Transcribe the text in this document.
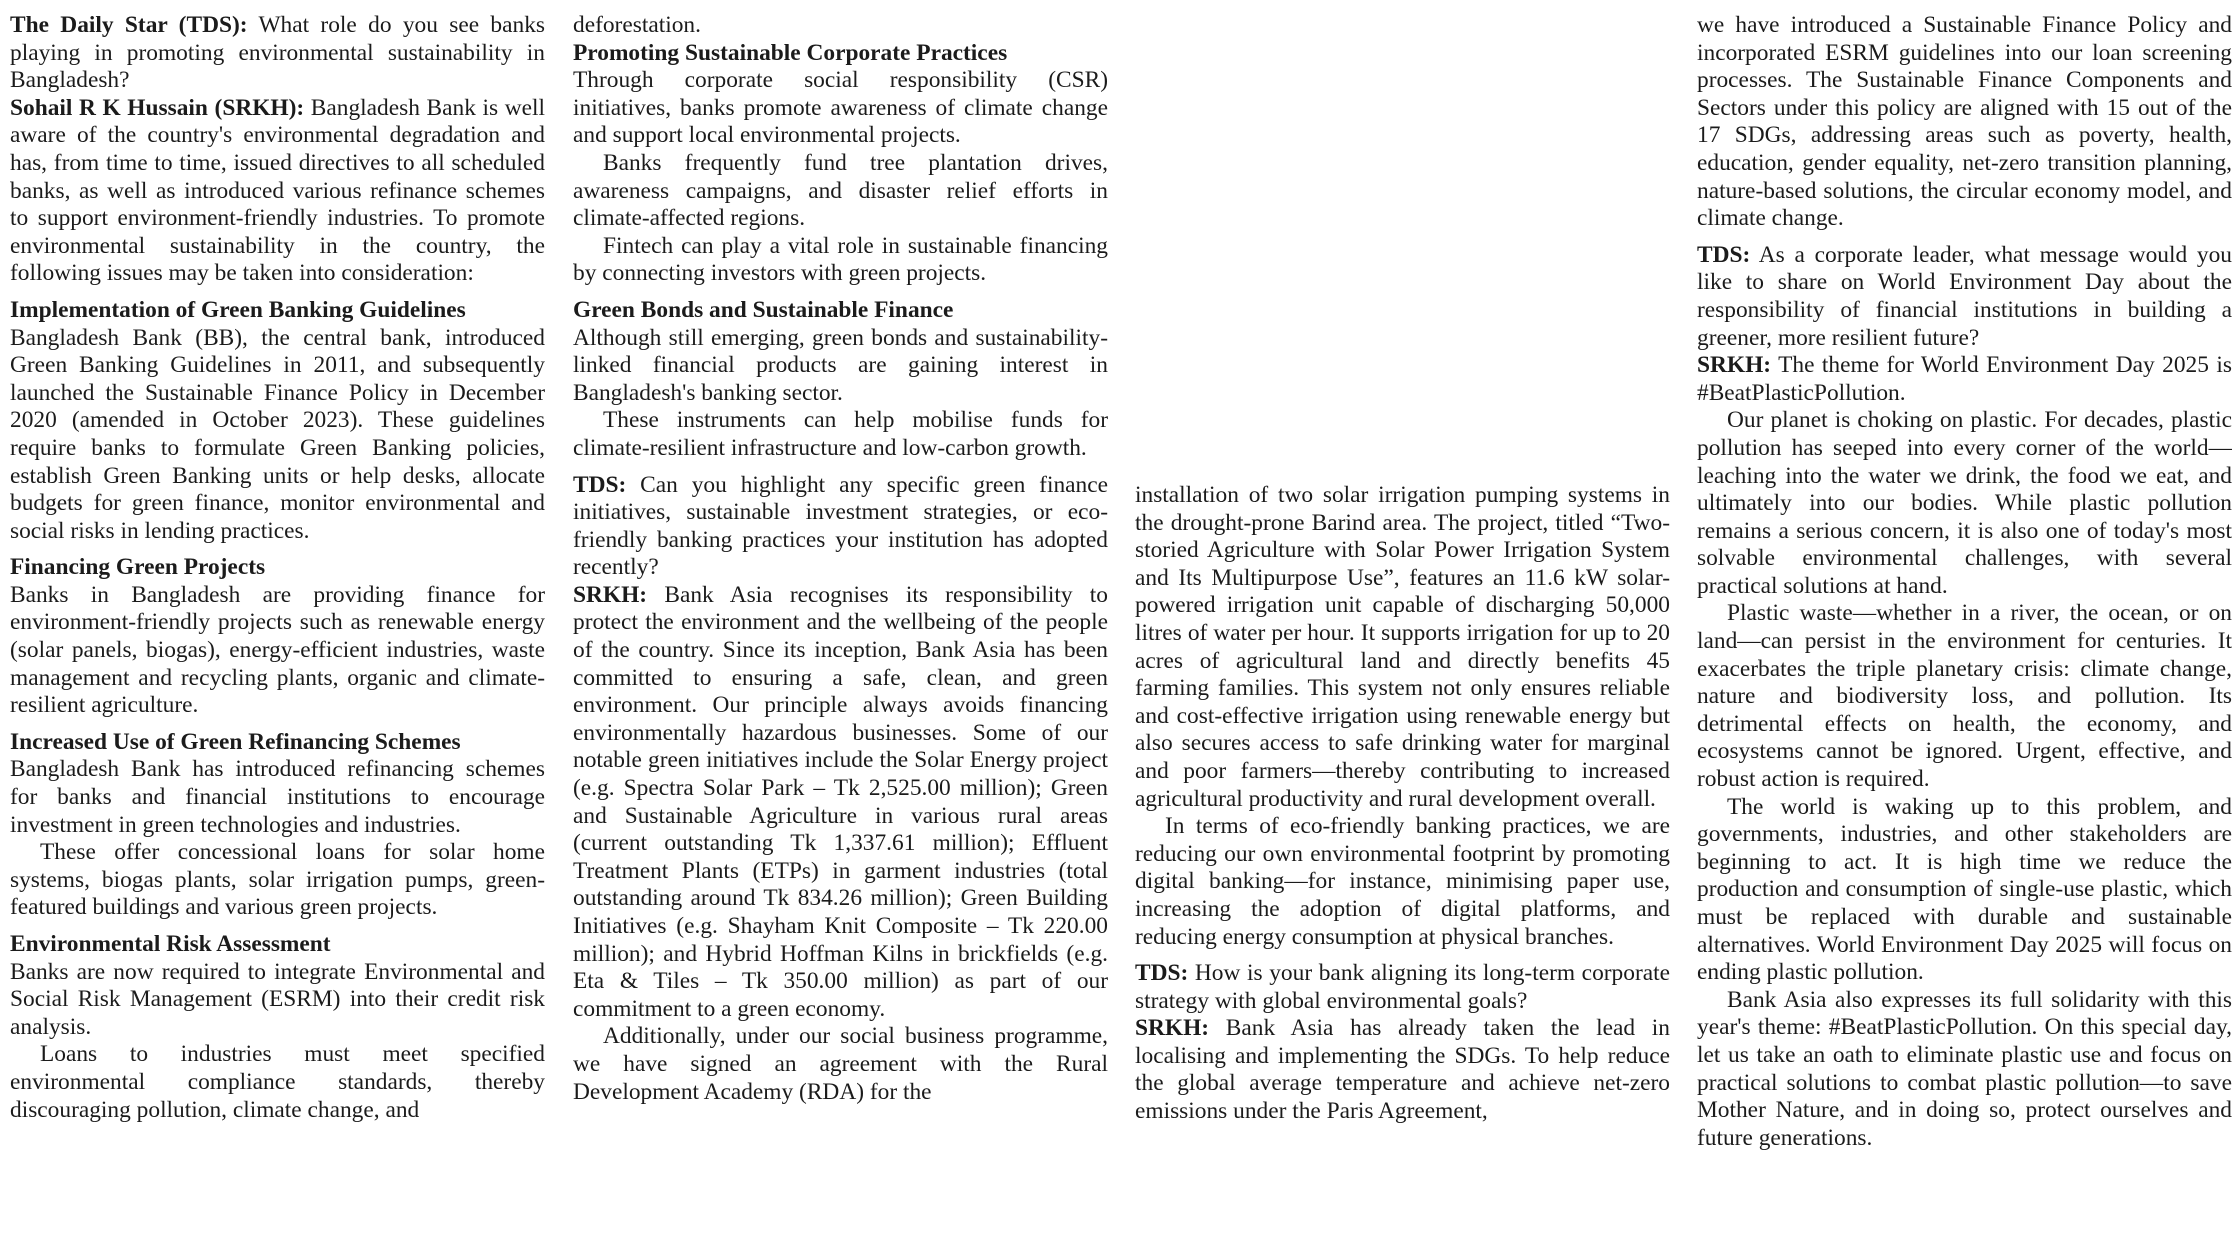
The Daily Star (TDS): What role do you see banks playing in promoting environmental sustainability in Bangladesh?

Sohail R K Hussain (SRKH): Bangladesh Bank is well aware of the country's environmental degradation and has, from time to time, issued directives to all scheduled banks, as well as introduced various refinance schemes to support environment-friendly industries. To promote environmental sustainability in the country, the following issues may be taken into consideration:

Implementation of Green Banking Guidelines

Bangladesh Bank (BB), the central bank, introduced Green Banking Guidelines in 2011, and subsequently launched the Sustainable Finance Policy in December 2020 (amended in October 2023). These guidelines require banks to formulate Green Banking policies, establish Green Banking units or help desks, allocate budgets for green finance, monitor environmental and social risks in lending practices.

Financing Green Projects

Banks in Bangladesh are providing finance for environment-friendly projects such as renewable energy (solar panels, biogas), energy-efficient industries, waste management and recycling plants, organic and climate-resilient agriculture.

Increased Use of Green Refinancing Schemes

Bangladesh Bank has introduced refinancing schemes for banks and financial institutions to encourage investment in green technologies and industries.

These offer concessional loans for solar home systems, biogas plants, solar irrigation pumps, green-featured buildings and various green projects.

Environmental Risk Assessment

Banks are now required to integrate Environmental and Social Risk Management (ESRM) into their credit risk analysis.

Loans to industries must meet specified environmental compliance standards, thereby discouraging pollution, climate change, and

deforestation.

Promoting Sustainable Corporate Practices

Through corporate social responsibility (CSR) initiatives, banks promote awareness of climate change and support local environmental projects.

Banks frequently fund tree plantation drives, awareness campaigns, and disaster relief efforts in climate-affected regions.

Fintech can play a vital role in sustainable financing by connecting investors with green projects.

Green Bonds and Sustainable Finance

Although still emerging, green bonds and sustainability-linked financial products are gaining interest in Bangladesh's banking sector.

These instruments can help mobilise funds for climate-resilient infrastructure and low-carbon growth.

TDS: Can you highlight any specific green finance initiatives, sustainable investment strategies, or eco-friendly banking practices your institution has adopted recently?

SRKH: Bank Asia recognises its responsibility to protect the environment and the wellbeing of the people of the country. Since its inception, Bank Asia has been committed to ensuring a safe, clean, and green environment. Our principle always avoids financing environmentally hazardous businesses. Some of our notable green initiatives include the Solar Energy project (e.g. Spectra Solar Park – Tk 2,525.00 million); Green and Sustainable Agriculture in various rural areas (current outstanding Tk 1,337.61 million); Effluent Treatment Plants (ETPs) in garment industries (total outstanding around Tk 834.26 million); Green Building Initiatives (e.g. Shayham Knit Composite – Tk 220.00 million); and Hybrid Hoffman Kilns in brickfields (e.g. Eta & Tiles – Tk 350.00 million) as part of our commitment to a green economy.

Additionally, under our social business programme, we have signed an agreement with the Rural Development Academy (RDA) for the

installation of two solar irrigation pumping systems in the drought-prone Barind area. The project, titled “Two-storied Agriculture with Solar Power Irrigation System and Its Multipurpose Use”, features an 11.6 kW solar-powered irrigation unit capable of discharging 50,000 litres of water per hour. It supports irrigation for up to 20 acres of agricultural land and directly benefits 45 farming families. This system not only ensures reliable and cost-effective irrigation using renewable energy but also secures access to safe drinking water for marginal and poor farmers—thereby contributing to increased agricultural productivity and rural development overall.

In terms of eco-friendly banking practices, we are reducing our own environmental footprint by promoting digital banking—for instance, minimising paper use, increasing the adoption of digital platforms, and reducing energy consumption at physical branches.

TDS: How is your bank aligning its long-term corporate strategy with global environmental goals?

SRKH: Bank Asia has already taken the lead in localising and implementing the SDGs. To help reduce the global average temperature and achieve net-zero emissions under the Paris Agreement,

we have introduced a Sustainable Finance Policy and incorporated ESRM guidelines into our loan screening processes. The Sustainable Finance Components and Sectors under this policy are aligned with 15 out of the 17 SDGs, addressing areas such as poverty, health, education, gender equality, net-zero transition planning, nature-based solutions, the circular economy model, and climate change.

TDS: As a corporate leader, what message would you like to share on World Environment Day about the responsibility of financial institutions in building a greener, more resilient future?

SRKH: The theme for World Environment Day 2025 is #BeatPlasticPollution.

Our planet is choking on plastic. For decades, plastic pollution has seeped into every corner of the world—leaching into the water we drink, the food we eat, and ultimately into our bodies. While plastic pollution remains a serious concern, it is also one of today's most solvable environmental challenges, with several practical solutions at hand.

Plastic waste—whether in a river, the ocean, or on land—can persist in the environment for centuries. It exacerbates the triple planetary crisis: climate change, nature and biodiversity loss, and pollution. Its detrimental effects on health, the economy, and ecosystems cannot be ignored. Urgent, effective, and robust action is required.

The world is waking up to this problem, and governments, industries, and other stakeholders are beginning to act. It is high time we reduce the production and consumption of single-use plastic, which must be replaced with durable and sustainable alternatives. World Environment Day 2025 will focus on ending plastic pollution.

Bank Asia also expresses its full solidarity with this year's theme: #BeatPlasticPollution. On this special day, let us take an oath to eliminate plastic use and focus on practical solutions to combat plastic pollution—to save Mother Nature, and in doing so, protect ourselves and future generations.
